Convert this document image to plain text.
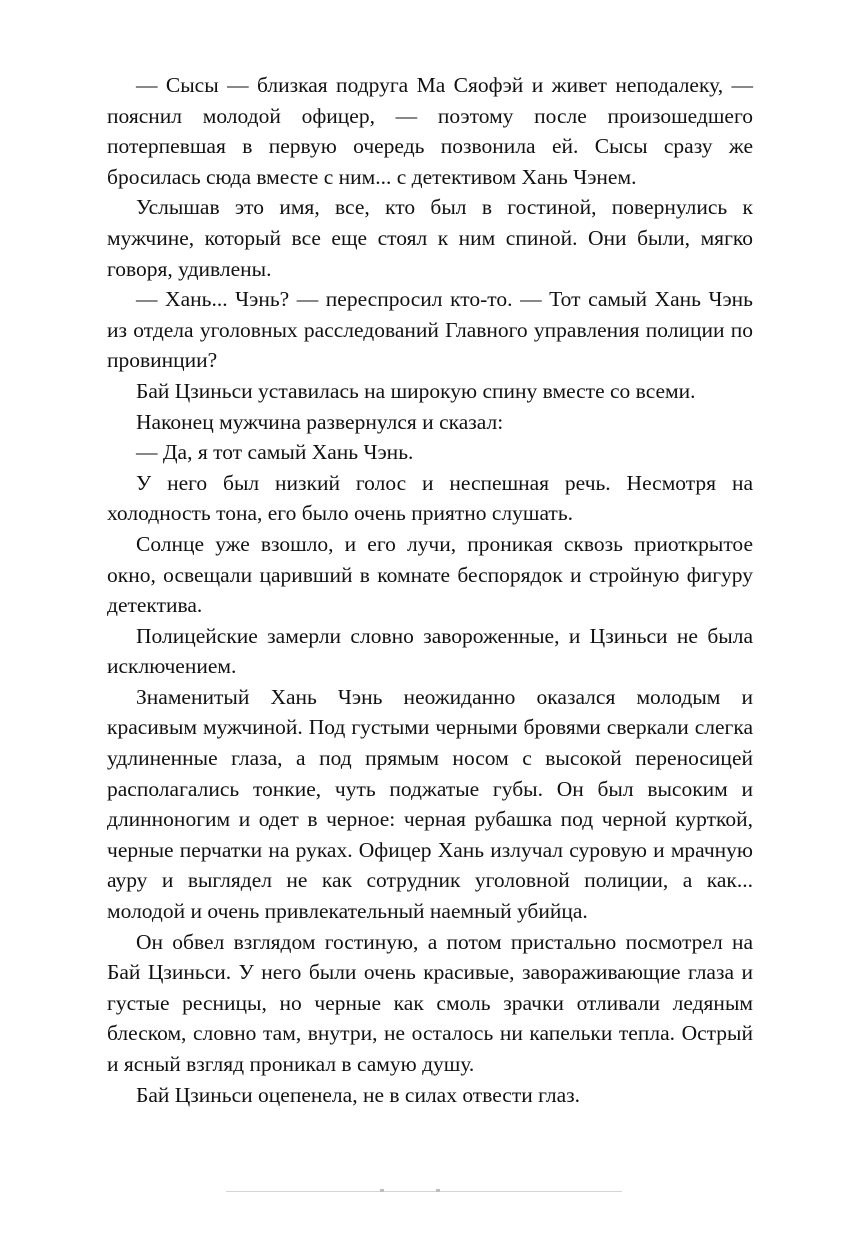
— Сысы — близкая подруга Ма Сяофэй и живет неподалеку, — пояснил молодой офицер, — поэтому после произошедшего потерпевшая в первую очередь позвонила ей. Сысы сразу же бросилась сюда вместе с ним... с детективом Хань Чэнем.

Услышав это имя, все, кто был в гостиной, повернулись к мужчине, который все еще стоял к ним спиной. Они были, мягко говоря, удивлены.

— Хань... Чэнь? — переспросил кто-то. — Тот самый Хань Чэнь из отдела уголовных расследований Главного управления полиции по провинции?

Бай Цзиньси уставилась на широкую спину вместе со всеми.

Наконец мужчина развернулся и сказал:

— Да, я тот самый Хань Чэнь.

У него был низкий голос и неспешная речь. Несмотря на холодность тона, его было очень приятно слушать.

Солнце уже взошло, и его лучи, проникая сквозь приоткрытое окно, освещали царивший в комнате беспорядок и стройную фигуру детектива.

Полицейские замерли словно завороженные, и Цзиньси не была исключением.

Знаменитый Хань Чэнь неожиданно оказался молодым и красивым мужчиной. Под густыми черными бровями сверкали слегка удлиненные глаза, а под прямым носом с высокой переносицей располагались тонкие, чуть поджатые губы. Он был высоким и длинноногим и одет в черное: черная рубашка под черной курткой, черные перчатки на руках. Офицер Хань излучал суровую и мрачную ауру и выглядел не как сотрудник уголовной полиции, а как... молодой и очень привлекательный наемный убийца.

Он обвел взглядом гостиную, а потом пристально посмотрел на Бай Цзиньси. У него были очень красивые, завораживающие глаза и густые ресницы, но черные как смоль зрачки отливали ледяным блеском, словно там, внутри, не осталось ни капельки тепла. Острый и ясный взгляд проникал в самую душу.

Бай Цзиньси оцепенела, не в силах отвести глаз.
